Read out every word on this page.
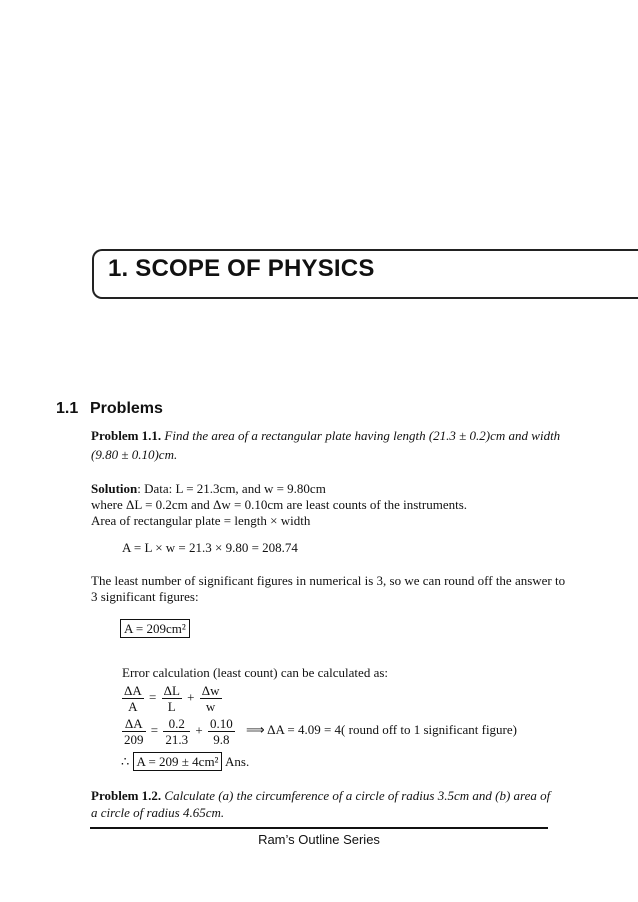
1. SCOPE OF PHYSICS
1.1 Problems
Problem 1.1. Find the area of a rectangular plate having length (21.3 ± 0.2)cm and width
(9.80 ± 0.10)cm.
Solution: Data: L = 21.3cm, and w = 9.80cm
where ΔL = 0.2cm and Δw = 0.10cm are least counts of the instruments.
Area of rectangular plate = length × width
A = L × w = 21.3 × 9.80 = 208.74
The least number of significant figures in numerical is 3, so we can round off the answer to
3 significant figures:
A = 209cm²
Error calculation (least count) can be calculated as:
$\frac{\Delta A}{A} = \frac{\Delta L}{L} + \frac{\Delta w}{w}$
$\frac{\Delta A}{209} = \frac{0.2}{21.3} + \frac{0.10}{9.8}$ ⟹ ΔA = 4.09 = 4( round off to 1 significant figure)
∴ A = 209 ± 4cm² Ans.
Problem 1.2. Calculate (a) the circumference of a circle of radius 3.5cm and (b) area of
a circle of radius 4.65cm.
Ram’s Outline Series
